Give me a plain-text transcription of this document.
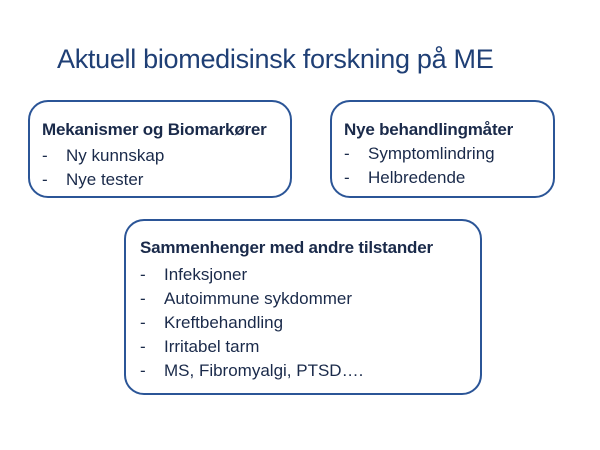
Aktuell biomedisinsk forskning på ME
Mekanismer og Biomarkører
- Ny kunnskap
- Nye tester
Nye behandlingmåter
- Symptomlindring
- Helbredende
Sammenhenger med andre tilstander
- Infeksjoner
- Autoimmune sykdommer
- Kreftbehandling
- Irritabel tarm
- MS, Fibromyalgi, PTSD….
